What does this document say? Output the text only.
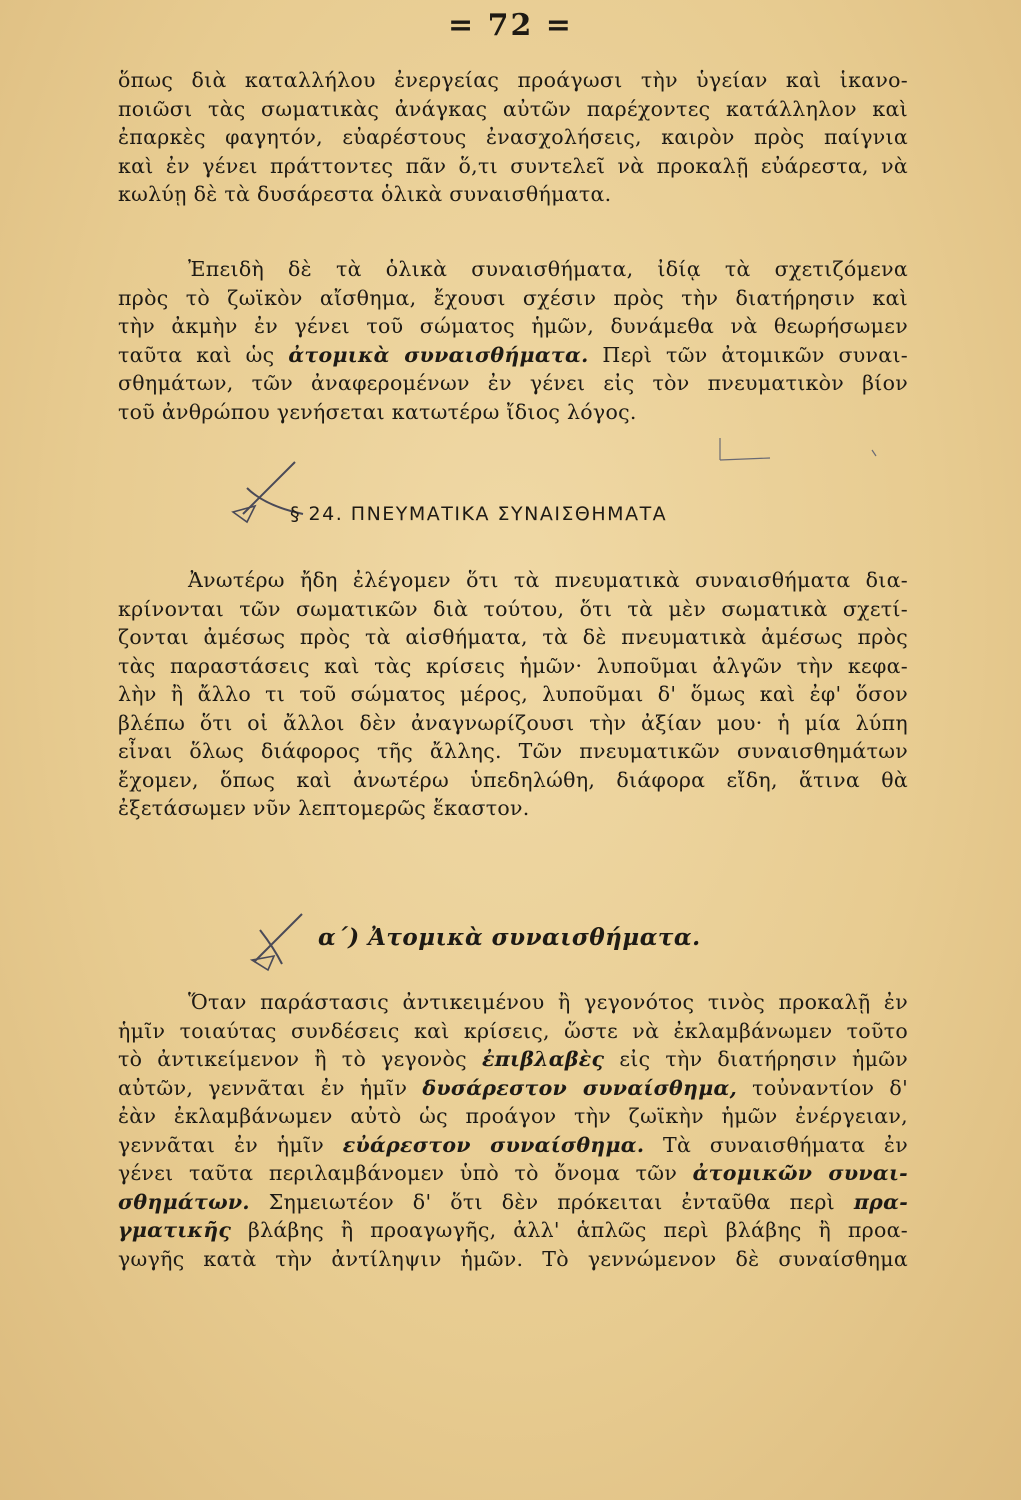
= 72 =
ὅπως διὰ καταλλήλου ἐνεργείας προάγωσι τὴν ὑγείαν καὶ ἱκανο-
ποιῶσι τὰς σωματικὰς ἀνάγκας αὐτῶν παρέχοντες κατάλληλον καὶ
ἐπαρκὲς φαγητόν, εὐαρέστους ἐνασχολήσεις, καιρὸν πρὸς παίγνια
καὶ ἐν γένει πράττοντες πᾶν ὅ,τι συντελεῖ νὰ προκαλῇ εὐάρεστα, νὰ
κωλύῃ δὲ τὰ δυσάρεστα ὁλικὰ συναισθήματα.
Ἐπειδὴ δὲ τὰ ὁλικὰ συναισθήματα, ἰδίᾳ τὰ σχετιζόμενα
πρὸς τὸ ζωϊκὸν αἴσθημα, ἔχουσι σχέσιν πρὸς τὴν διατήρησιν καὶ
τὴν ἀκμὴν ἐν γένει τοῦ σώματος ἡμῶν, δυνάμεθα νὰ θεωρήσωμεν
ταῦτα καὶ ὡς ἀτομικὰ συναισθήματα. Περὶ τῶν ἀτομικῶν συναι-
σθημάτων, τῶν ἀναφερομένων ἐν γένει εἰς τὸν πνευματικὸν βίον
τοῦ ἀνθρώπου γενήσεται κατωτέρω ἴδιος λόγος.
§ 24. ΠΝΕΥΜΑΤΙΚΑ ΣΥΝΑΙΣΘΗΜΑΤΑ
Ἀνωτέρω ἤδη ἐλέγομεν ὅτι τὰ πνευματικὰ συναισθήματα δια-
κρίνονται τῶν σωματικῶν διὰ τούτου, ὅτι τὰ μὲν σωματικὰ σχετί-
ζονται ἀμέσως πρὸς τὰ αἰσθήματα, τὰ δὲ πνευματικὰ ἀμέσως πρὸς
τὰς παραστάσεις καὶ τὰς κρίσεις ἡμῶν· λυποῦμαι ἀλγῶν τὴν κεφα-
λὴν ἢ ἄλλο τι τοῦ σώματος μέρος, λυποῦμαι δ' ὅμως καὶ ἐφ' ὅσον
βλέπω ὅτι οἱ ἄλλοι δὲν ἀναγνωρίζουσι τὴν ἀξίαν μου· ἡ μία λύπη
εἶναι ὅλως διάφορος τῆς ἄλλης. Τῶν πνευματικῶν συναισθημάτων
ἔχομεν, ὅπως καὶ ἀνωτέρω ὑπεδηλώθη, διάφορα εἴδη, ἅτινα θὰ
ἐξετάσωμεν νῦν λεπτομερῶς ἕκαστον.
α΄) Ἀτομικὰ συναισθήματα.
Ὅταν παράστασις ἀντικειμένου ἢ γεγονότος τινὸς προκαλῇ ἐν
ἡμῖν τοιαύτας συνδέσεις καὶ κρίσεις, ὥστε νὰ ἐκλαμβάνωμεν τοῦτο
τὸ ἀντικείμενον ἢ τὸ γεγονὸς ἐπιβλαβὲς εἰς τὴν διατήρησιν ἡμῶν
αὐτῶν, γεννᾶται ἐν ἡμῖν δυσάρεστον συναίσθημα, τοὐναντίον δ'
ἐὰν ἐκλαμβάνωμεν αὐτὸ ὡς προάγον τὴν ζωϊκὴν ἡμῶν ἐνέργειαν,
γεννᾶται ἐν ἡμῖν εὐάρεστον συναίσθημα. Τὰ συναισθήματα ἐν
γένει ταῦτα περιλαμβάνομεν ὑπὸ τὸ ὄνομα τῶν ἀτομικῶν συναι-
σθημάτων. Σημειωτέον δ' ὅτι δὲν πρόκειται ἐνταῦθα περὶ πρα-
γματικῆς βλάβης ἢ προαγωγῆς, ἀλλ' ἁπλῶς περὶ βλάβης ἢ προα-
γωγῆς κατὰ τὴν ἀντίληψιν ἡμῶν. Τὸ γεννώμενον δὲ συναίσθημα
